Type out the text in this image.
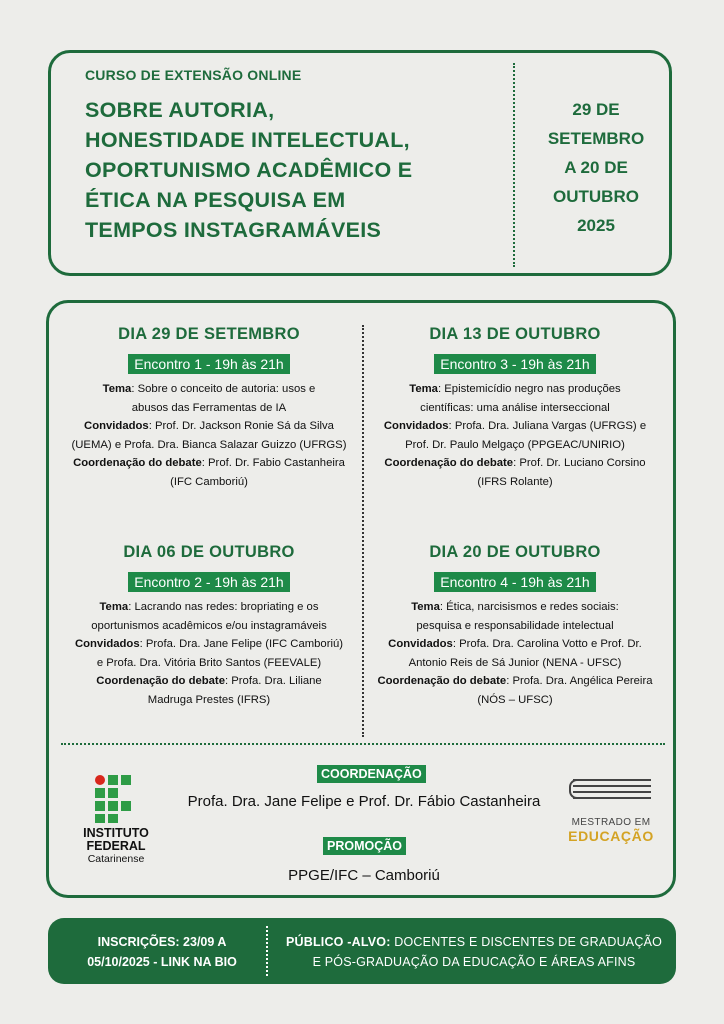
CURSO DE EXTENSÃO ONLINE
SOBRE AUTORIA,
HONESTIDADE INTELECTUAL,
OPORTUNISMO ACADÊMICO E
ÉTICA NA PESQUISA EM
TEMPOS INSTAGRAMÁVEIS
29 DE
SETEMBRO
A 20 DE
OUTUBRO
2025
DIA 29 DE SETEMBRO
Encontro 1 - 19h às 21h
Tema: Sobre o conceito de autoria: usos e
abusos das Ferramentas de IA
Convidados: Prof. Dr. Jackson Ronie Sá da Silva
(UEMA) e Profa. Dra. Bianca Salazar Guizzo (UFRGS)
Coordenação do debate: Prof. Dr. Fabio Castanheira
(IFC Camboriú)
DIA 13 DE OUTUBRO
Encontro 3 - 19h às 21h
Tema: Epistemicídio negro nas produções
científicas: uma análise interseccional
Convidados: Profa. Dra. Juliana Vargas (UFRGS) e
Prof. Dr. Paulo Melgaço (PPGEAC/UNIRIO)
Coordenação do debate: Prof. Dr. Luciano Corsino
(IFRS Rolante)
DIA 06 DE OUTUBRO
Encontro 2 - 19h às 21h
Tema: Lacrando nas redes: bropriating e os
oportunismos acadêmicos e/ou instagramáveis
Convidados: Profa. Dra. Jane Felipe (IFC Camboriú)
e Profa. Dra. Vitória Brito Santos (FEEVALE)
Coordenação do debate: Profa. Dra. Liliane
Madruga Prestes (IFRS)
DIA 20 DE OUTUBRO
Encontro 4 - 19h às 21h
Tema: Ética, narcisismos e redes sociais:
pesquisa e responsabilidade intelectual
Convidados: Profa. Dra. Carolina Votto e Prof. Dr.
Antonio Reis de Sá Junior (NENA - UFSC)
Coordenação do debate: Profa. Dra. Angélica Pereira
(NÓS – UFSC)
INSTITUTO
FEDERAL
Catarinense
COORDENAÇÃO
Profa. Dra. Jane Felipe e Prof. Dr. Fábio Castanheira
PROMOÇÃO
PPGE/IFC – Camboriú
MESTRADO EM
EDUCAÇÃO
INSCRIÇÕES: 23/09 A
05/10/2025 - LINK NA BIO
PÚBLICO -ALVO: DOCENTES E DISCENTES DE GRADUAÇÃO
E PÓS-GRADUAÇÃO DA EDUCAÇÃO E ÁREAS AFINS
